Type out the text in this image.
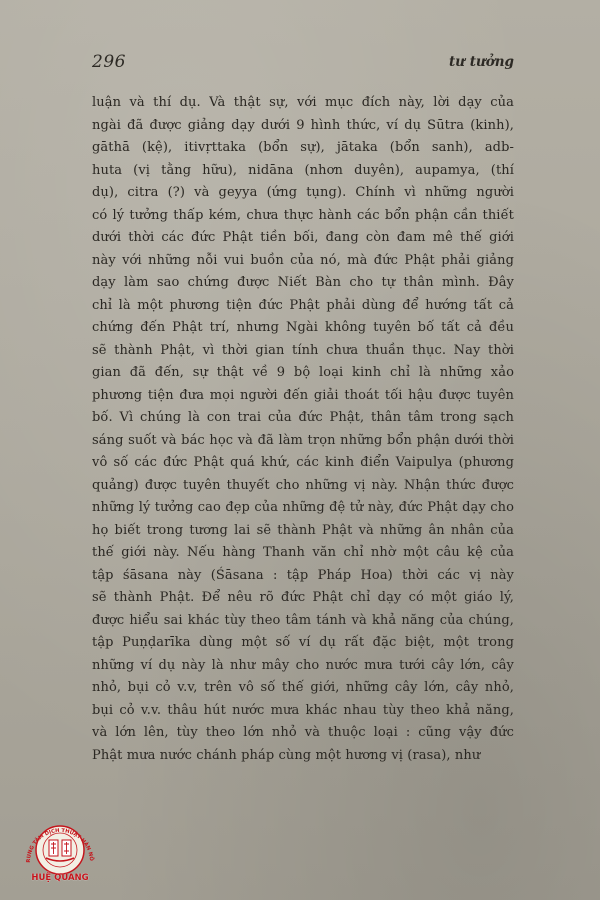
296	tư tưởng
luận và thí dụ. Và thật sự, với mục đích này, lời dạy của
ngài đã được giảng dạy dưới 9 hình thức, ví dụ Sūtra (kinh),
gāthā (kệ), itivṛttaka (bổn sự), jātaka (bổn sanh), adb-
huta (vị tằng hữu), nidāna (nhơn duyên), aupamya, (thí
dụ), citra (?) và geyya (ứng tụng). Chính vì những người
có lý tưởng thấp kém, chưa thực hành các bổn phận cần thiết
dưới thời các đức Phật tiền bối, đang còn đam mê thế giới
này với những nỗi vui buồn của nó, mà đức Phật phải giảng
dạy làm sao chứng được Niết Bàn cho tự thân mình. Đây
chỉ là một phương tiện đức Phật phải dùng để hướng tất cả
chứng đến Phật trí, nhưng Ngài không tuyên bố tất cả đều
sẽ thành Phật, vì thời gian tính chưa thuần thục. Nay thời
gian đã đến, sự thật về 9 bộ loại kinh chỉ là những xảo
phương tiện đưa mọi người đến giải thoát tối hậu được tuyên
bố. Vì chúng là con trai của đức Phật, thân tâm trong sạch
sáng suốt và bác học và đã làm trọn những bổn phận dưới thời
vô số các đức Phật quá khứ, các kinh điển Vaipulya (phương
quảng) được tuyên thuyết cho những vị này. Nhận thức được
những lý tưởng cao đẹp của những đệ tử này, đức Phật dạy cho
họ biết trong tương lai sẽ thành Phật và những ân nhân của
thế giới này. Nếu hàng Thanh văn chỉ nhờ một câu kệ của
tập śāsana này (Śāsana : tập Pháp Hoa) thời các vị này
sẽ thành Phật. Để nêu rõ đức Phật chỉ dạy có một giáo lý,
được hiểu sai khác tùy theo tâm tánh và khả năng của chúng,
tập Puṇḍarīka dùng một số ví dụ rất đặc biệt, một trong
những ví dụ này là như mây cho nước mưa tưới cây lớn, cây
nhỏ, bụi cỏ v.v, trên vô số thế giới, những cây lớn, cây nhỏ,
bụi cỏ v.v. thâu hút nước mưa khác nhau tùy theo khả năng,
và lớn lên, tùy theo lớn nhỏ và thuộc loại : cũng vậy đức
Phật mưa nước chánh pháp cùng một hương vị (rasa), như
RUNG TÂM DỊCH THUẬT HÁN NÔ
HUỆ QUANG
